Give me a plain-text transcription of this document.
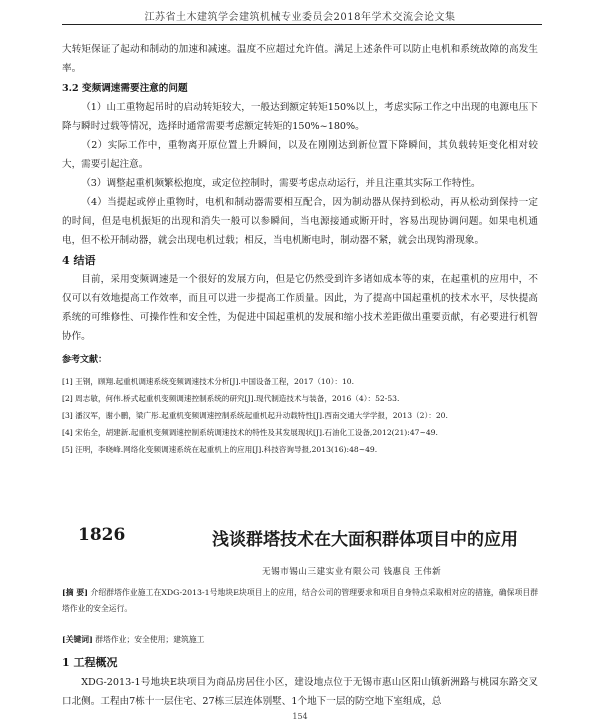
江苏省土木建筑学会建筑机械专业委员会2018年学术交流会论文集

大转矩保证了起动和制动的加速和减速。温度不应超过允许值。满足上述条件可以防止电机和系统故障的高发生率。

3.2 变频调速需要注意的问题

（1）山工重物起吊时的启动转矩较大，一般达到额定转矩150%以上，考虑实际工作之中出现的电源电压下降与瞬时过载等情况，选择时通常需要考虑额定转矩的150%~180%。

（2）实际工作中，重物离开原位置上升瞬间，以及在刚刚达到新位置下降瞬间，其负载转矩变化相对较大，需要引起注意。

（3）调整起重机频繁松抱度，或定位控制时，需要考虑点动运行，并且注重其实际工作特性。

（4）当提起或停止重物时，电机和制动器需要相互配合，因为制动器从保持到松动，再从松动到保持一定的时间，但是电机振矩的出现和消失一般可以参瞬间，当电源接通或断开时，容易出现协调问题。如果电机通电，但不松开制动器，就会出现电机过载；相反，当电机断电时，制动器不紧，就会出现钩滑现象。

4 结语

目前，采用变频调速是一个很好的发展方向，但是它仍然受到许多诸如成本等的束，在起重机的应用中，不仅可以有效地提高工作效率，而且可以进一步提高工作质量。因此，为了提高中国起重机的技术水平，尽快提高系统的可维修性、可操作性和安全性，为促进中国起重机的发展和缩小技术差距做出重要贡献，有必要进行机智协作。

参考文献：
[1] 王钢，顾翔.起重机调速系统变频调速技术分析[J].中国设备工程，2017（10）：10.
[2] 周志敏，何伟.桥式起重机变频调速控制系统的研究[J].现代制造技术与装备，2016（4）：52-53.
[3] 潘汉军，谢小鹏，梁广彤.起重机变频调速控制系统起重机起升动载特性[J].西南交通大学学报，2013（2）：20.
[4] 宋佑全，胡建新.起重机变频调速控制系统调速技术的特性及其发展现状[J].石油化工设备,2012(21):47~49.
[5] 汪明，李晓峰.网络化变频调速系统在起重机上的应用[J].科技咨询导报,2013(16):48~49.
1826	浅谈群塔技术在大面积群体项目中的应用
无锡市锡山三建实业有限公司 钱惠良 王伟新
[摘 要] 介绍群塔作业施工在XDG-2013-1号地块E块项目上的应用，结合公司的管理要求和项目自身特点采取相对应的措施，确保项目群塔作业的安全运行。
[关键词] 群塔作业；安全使用；建筑施工
1 工程概况

XDG-2013-1号地块E块项目为商品房居住小区，建设地点位于无锡市惠山区阳山镇新洲路与桃园东路交叉口北侧。工程由7栋十一层住宅、27栋三层连体别墅、1个地下一层的防空地下室组成，总

154
